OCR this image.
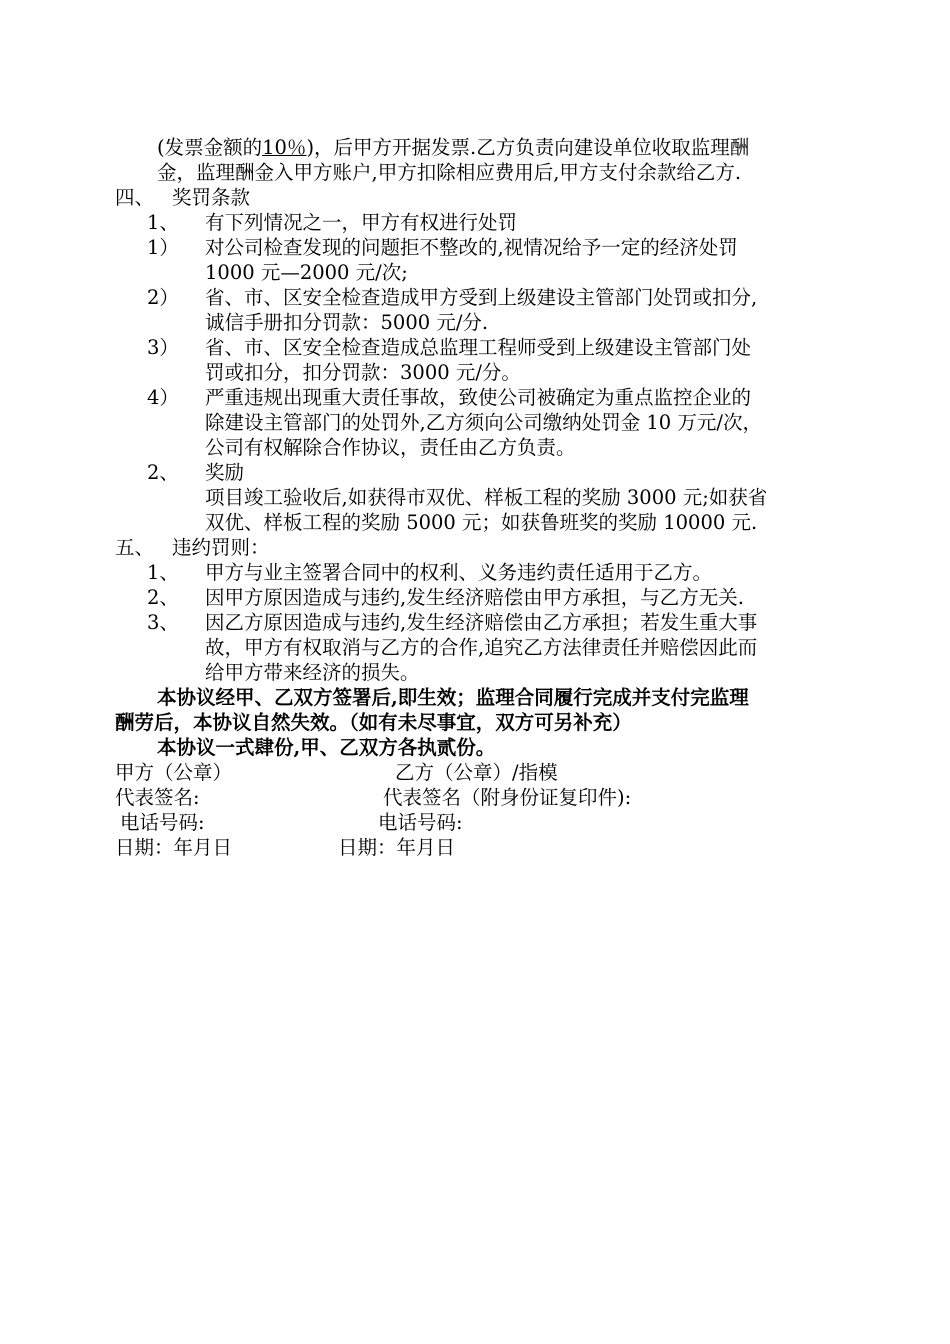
(发票金额的10％)，后甲方开据发票.乙方负责向建设单位收取监理酬
金，监理酬金入甲方账户,甲方扣除相应费用后,甲方支付余款给乙方.
四、 奖罚条款
1、 有下列情况之一，甲方有权进行处罚
1） 对公司检查发现的问题拒不整改的,视情况给予一定的经济处罚
1000 元—2000 元/次;
2） 省、市、区安全检查造成甲方受到上级建设主管部门处罚或扣分,
诚信手册扣分罚款：5000 元/分.
3） 省、市、区安全检查造成总监理工程师受到上级建设主管部门处
罚或扣分，扣分罚款：3000 元/分。
4） 严重违规出现重大责任事故，致使公司被确定为重点监控企业的
除建设主管部门的处罚外,乙方须向公司缴纳处罚金 10 万元/次，
公司有权解除合作协议，责任由乙方负责。
2、 奖励
项目竣工验收后,如获得市双优、样板工程的奖励 3000 元;如获省
双优、样板工程的奖励 5000 元；如获鲁班奖的奖励 10000 元.
五、 违约罚则：
1、 甲方与业主签署合同中的权利、义务违约责任适用于乙方。
2、 因甲方原因造成与违约,发生经济赔偿由甲方承担，与乙方无关.
3、 因乙方原因造成与违约,发生经济赔偿由乙方承担；若发生重大事
故，甲方有权取消与乙方的合作,追究乙方法律责任并赔偿因此而
给甲方带来经济的损失。
本协议经甲、乙双方签署后,即生效；监理合同履行完成并支付完监理
酬劳后，本协议自然失效。（如有未尽事宜，双方可另补充）
本协议一式肆份,甲、乙双方各执贰份。
甲方（公章）	乙方（公章）/指模
代表签名:	代表签名（附身份证复印件):
电话号码:	电话号码:
日期：年月日	日期：年月日
